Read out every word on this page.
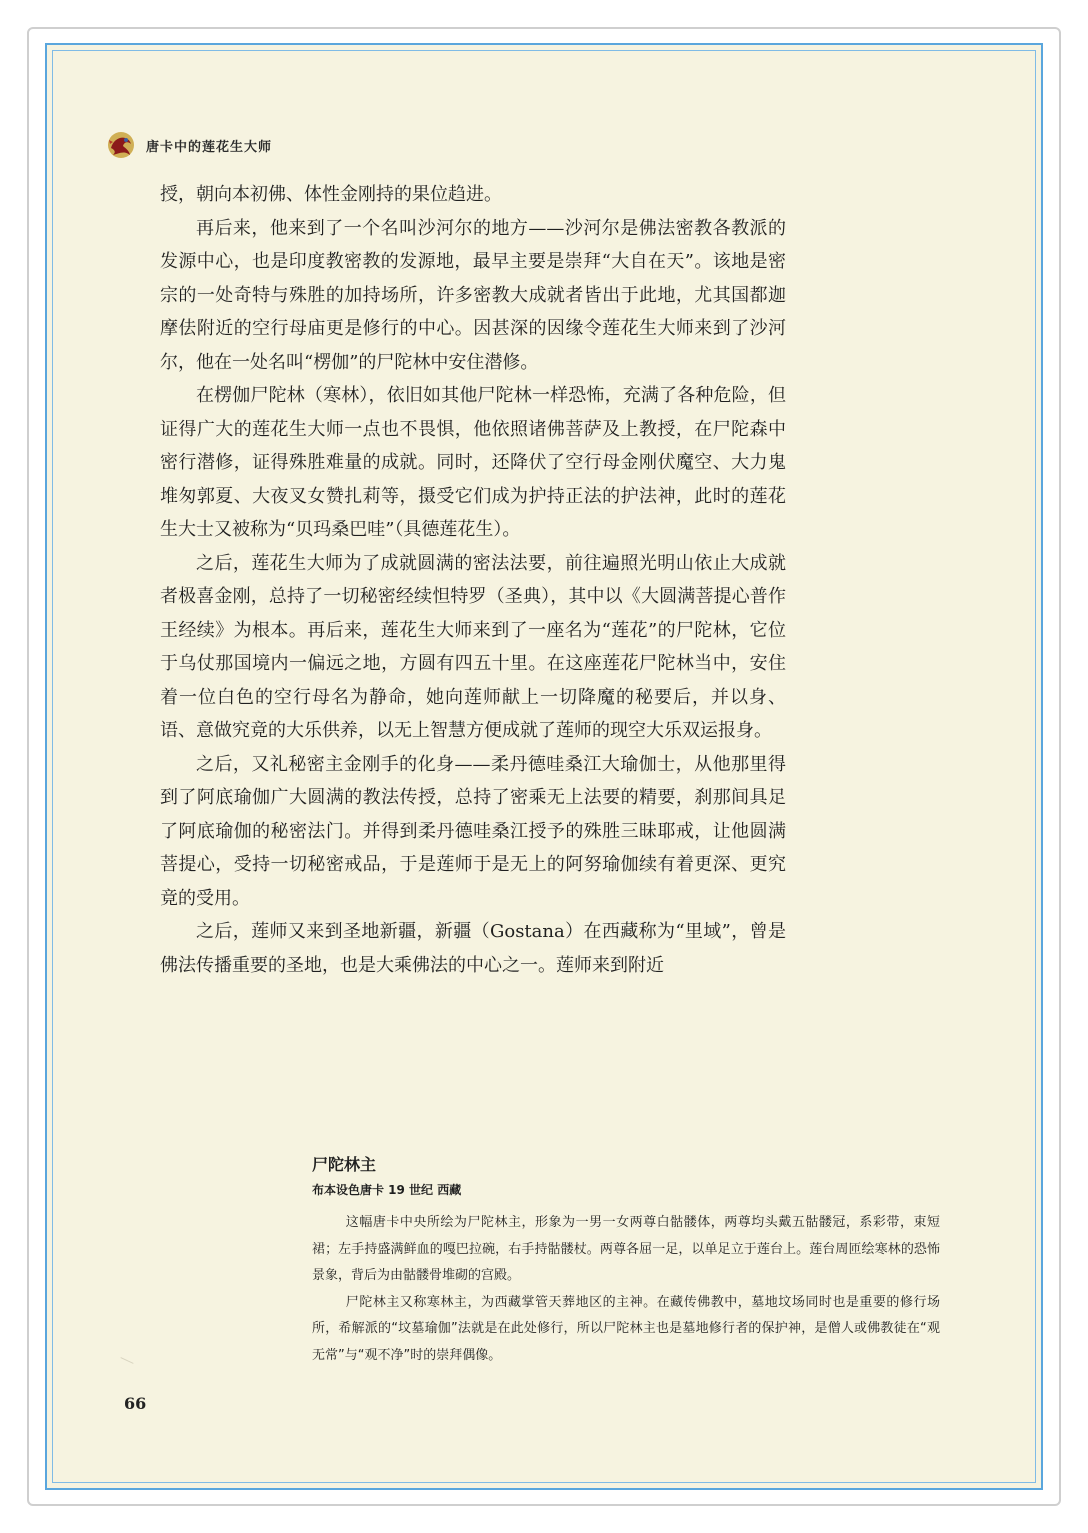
唐卡中的莲花生大师

授，朝向本初佛、体性金刚持的果位趋进。

再后来，他来到了一个名叫沙河尔的地方——沙河尔是佛法密教各教派的发源中心，也是印度教密教的发源地，最早主要是崇拜“大自在天”。该地是密宗的一处奇特与殊胜的加持场所，许多密教大成就者皆出于此地，尤其国都迦摩佉附近的空行母庙更是修行的中心。因甚深的因缘令莲花生大师来到了沙河尔，他在一处名叫“楞伽”的尸陀林中安住潜修。

在楞伽尸陀林（寒林），依旧如其他尸陀林一样恐怖，充满了各种危险，但证得广大的莲花生大师一点也不畏惧，他依照诸佛菩萨及上教授，在尸陀森中密行潜修，证得殊胜难量的成就。同时，还降伏了空行母金刚伏魔空、大力鬼堆匆郭夏、大夜叉女赞扎莉等，摄受它们成为护持正法的护法神，此时的莲花生大士又被称为“贝玛桑巴哇”（具德莲花生）。

之后，莲花生大师为了成就圆满的密法法要，前往遍照光明山依止大成就者极喜金刚，总持了一切秘密经续怛特罗（圣典），其中以《大圆满菩提心普作王经续》为根本。再后来，莲花生大师来到了一座名为“莲花”的尸陀林，它位于乌仗那国境内一偏远之地，方圆有四五十里。在这座莲花尸陀林当中，安住着一位白色的空行母名为静命，她向莲师献上一切降魔的秘要后，并以身、语、意做究竟的大乐供养，以无上智慧方便成就了莲师的现空大乐双运报身。

之后，又礼秘密主金刚手的化身——柔丹德哇桑江大瑜伽士，从他那里得到了阿底瑜伽广大圆满的教法传授，总持了密乘无上法要的精要，刹那间具足了阿底瑜伽的秘密法门。并得到柔丹德哇桑江授予的殊胜三昧耶戒，让他圆满菩提心，受持一切秘密戒品，于是莲师于是无上的阿努瑜伽续有着更深、更究竟的受用。

之后，莲师又来到圣地新疆，新疆（Gostana）在西藏称为“里域”，曾是佛法传播重要的圣地，也是大乘佛法的中心之一。莲师来到附近

尸陀林主
布本设色唐卡 19 世纪 西藏

这幅唐卡中央所绘为尸陀林主，形象为一男一女两尊白骷髅体，两尊均头戴五骷髅冠，系彩带，束短裙；左手持盛满鲜血的嘎巴拉碗，右手持骷髅杖。两尊各屈一足，以单足立于莲台上。莲台周匝绘寒林的恐怖景象，背后为由骷髅骨堆砌的宫殿。

尸陀林主又称寒林主，为西藏掌管天葬地区的主神。在藏传佛教中，墓地坟场同时也是重要的修行场所，希解派的“坟墓瑜伽”法就是在此处修行，所以尸陀林主也是墓地修行者的保护神，是僧人或佛教徒在“观无常”与“观不净”时的崇拜偶像。

66
